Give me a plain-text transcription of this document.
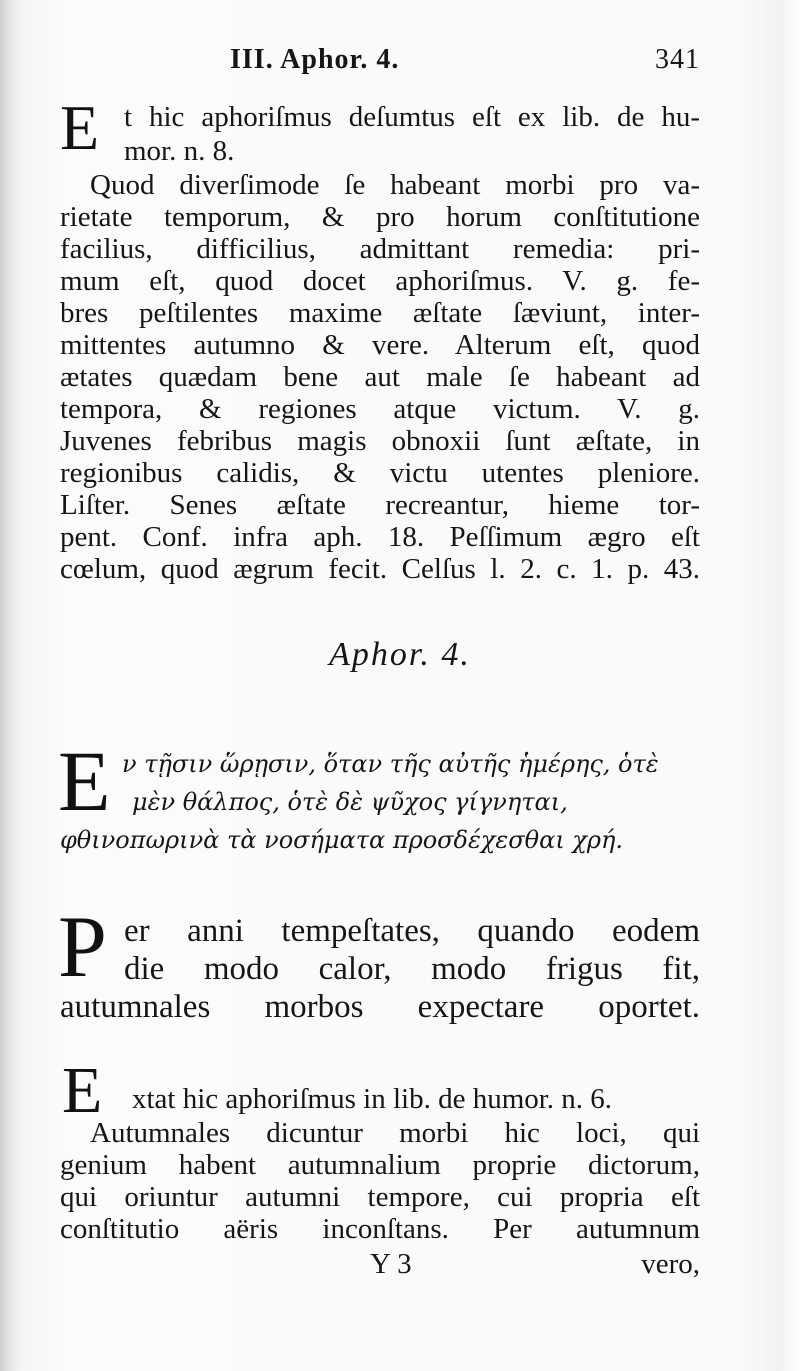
III. Aphor. 4.	341
E t hic aphoriſmus deſumtus eſt ex lib. de hu-
mor. n. 8.
Quod diverſimode ſe habeant morbi pro va-
rietate temporum, & pro horum conſtitutione
facilius, difficilius, admittant remedia: pri-
mum eſt, quod docet aphoriſmus. V. g. fe-
bres peſtilentes maxime æſtate ſæviunt, inter-
mittentes autumno & vere. Alterum eſt, quod
ætates quædam bene aut male ſe habeant ad
tempora, & regiones atque victum. V. g.
Juvenes febribus magis obnoxii ſunt æſtate, in
regionibus calidis, & victu utentes pleniore.
Liſter. Senes æſtate recreantur, hieme tor-
pent. Conf. infra aph. 18. Peſſimum ægro eſt
cœlum, quod ægrum fecit. Celſus l. 2. c. 1. p. 43.
Aphor. 4.
E ν τῇσιν ὥρῃσιν, ὅταν τῆς αὐτῆς ἡμέρης, ὁτὲ
μὲν θάλπος, ὁτὲ δὲ ψῦχος γίγνηται,
φθινοπωρινὰ τὰ νοσήματα προσδέχεσθαι χρή.
P er anni tempeſtates, quando eodem
die modo calor, modo frigus fit,
autumnales morbos expectare oportet.
E xtat hic aphoriſmus in lib. de humor. n. 6.
Autumnales dicuntur morbi hic loci, qui
genium habent autumnalium proprie dictorum,
qui oriuntur autumni tempore, cui propria eſt
conſtitutio aëris inconſtans. Per autumnum
Y 3	vero,
